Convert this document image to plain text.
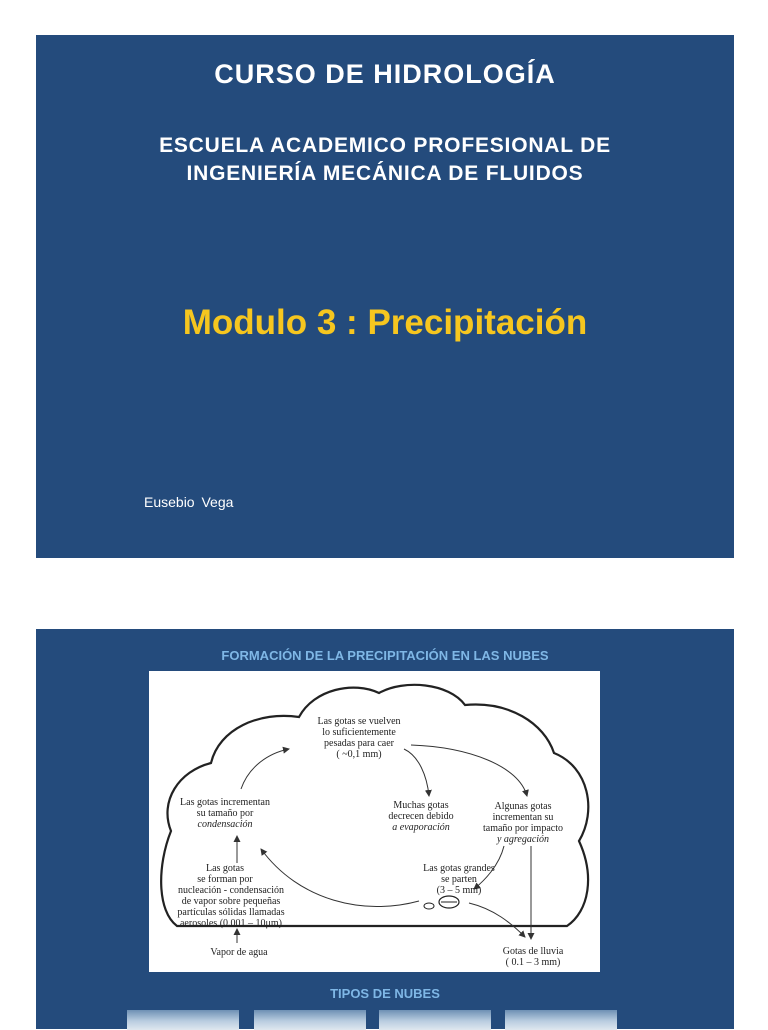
CURSO DE HIDROLOGÍA
ESCUELA ACADEMICO PROFESIONAL DE
INGENIERÍA MECÁNICA DE FLUIDOS
Modulo 3 : Precipitación
Eusebio Vega
FORMACIÓN DE LA PRECIPITACIÓN EN LAS NUBES
Las gotas se vuelven
lo suficientemente
pesadas para caer
( ~0,1 mm)
Las gotas incrementan
su tamaño por
condensación
Muchas gotas
decrecen debido
a evaporación
Algunas gotas
incrementan su
tamaño por impacto
y agregación
Las gotas grandes
se parten
(3 – 5 mm)
Las gotas
se forman por
nucleación - condensación
de vapor sobre pequeñas
partículas sólidas llamadas
aerosoles (0.001 – 10μm)
Vapor de agua	Gotas de lluvia
( 0.1 – 3 mm)
TIPOS DE NUBES
